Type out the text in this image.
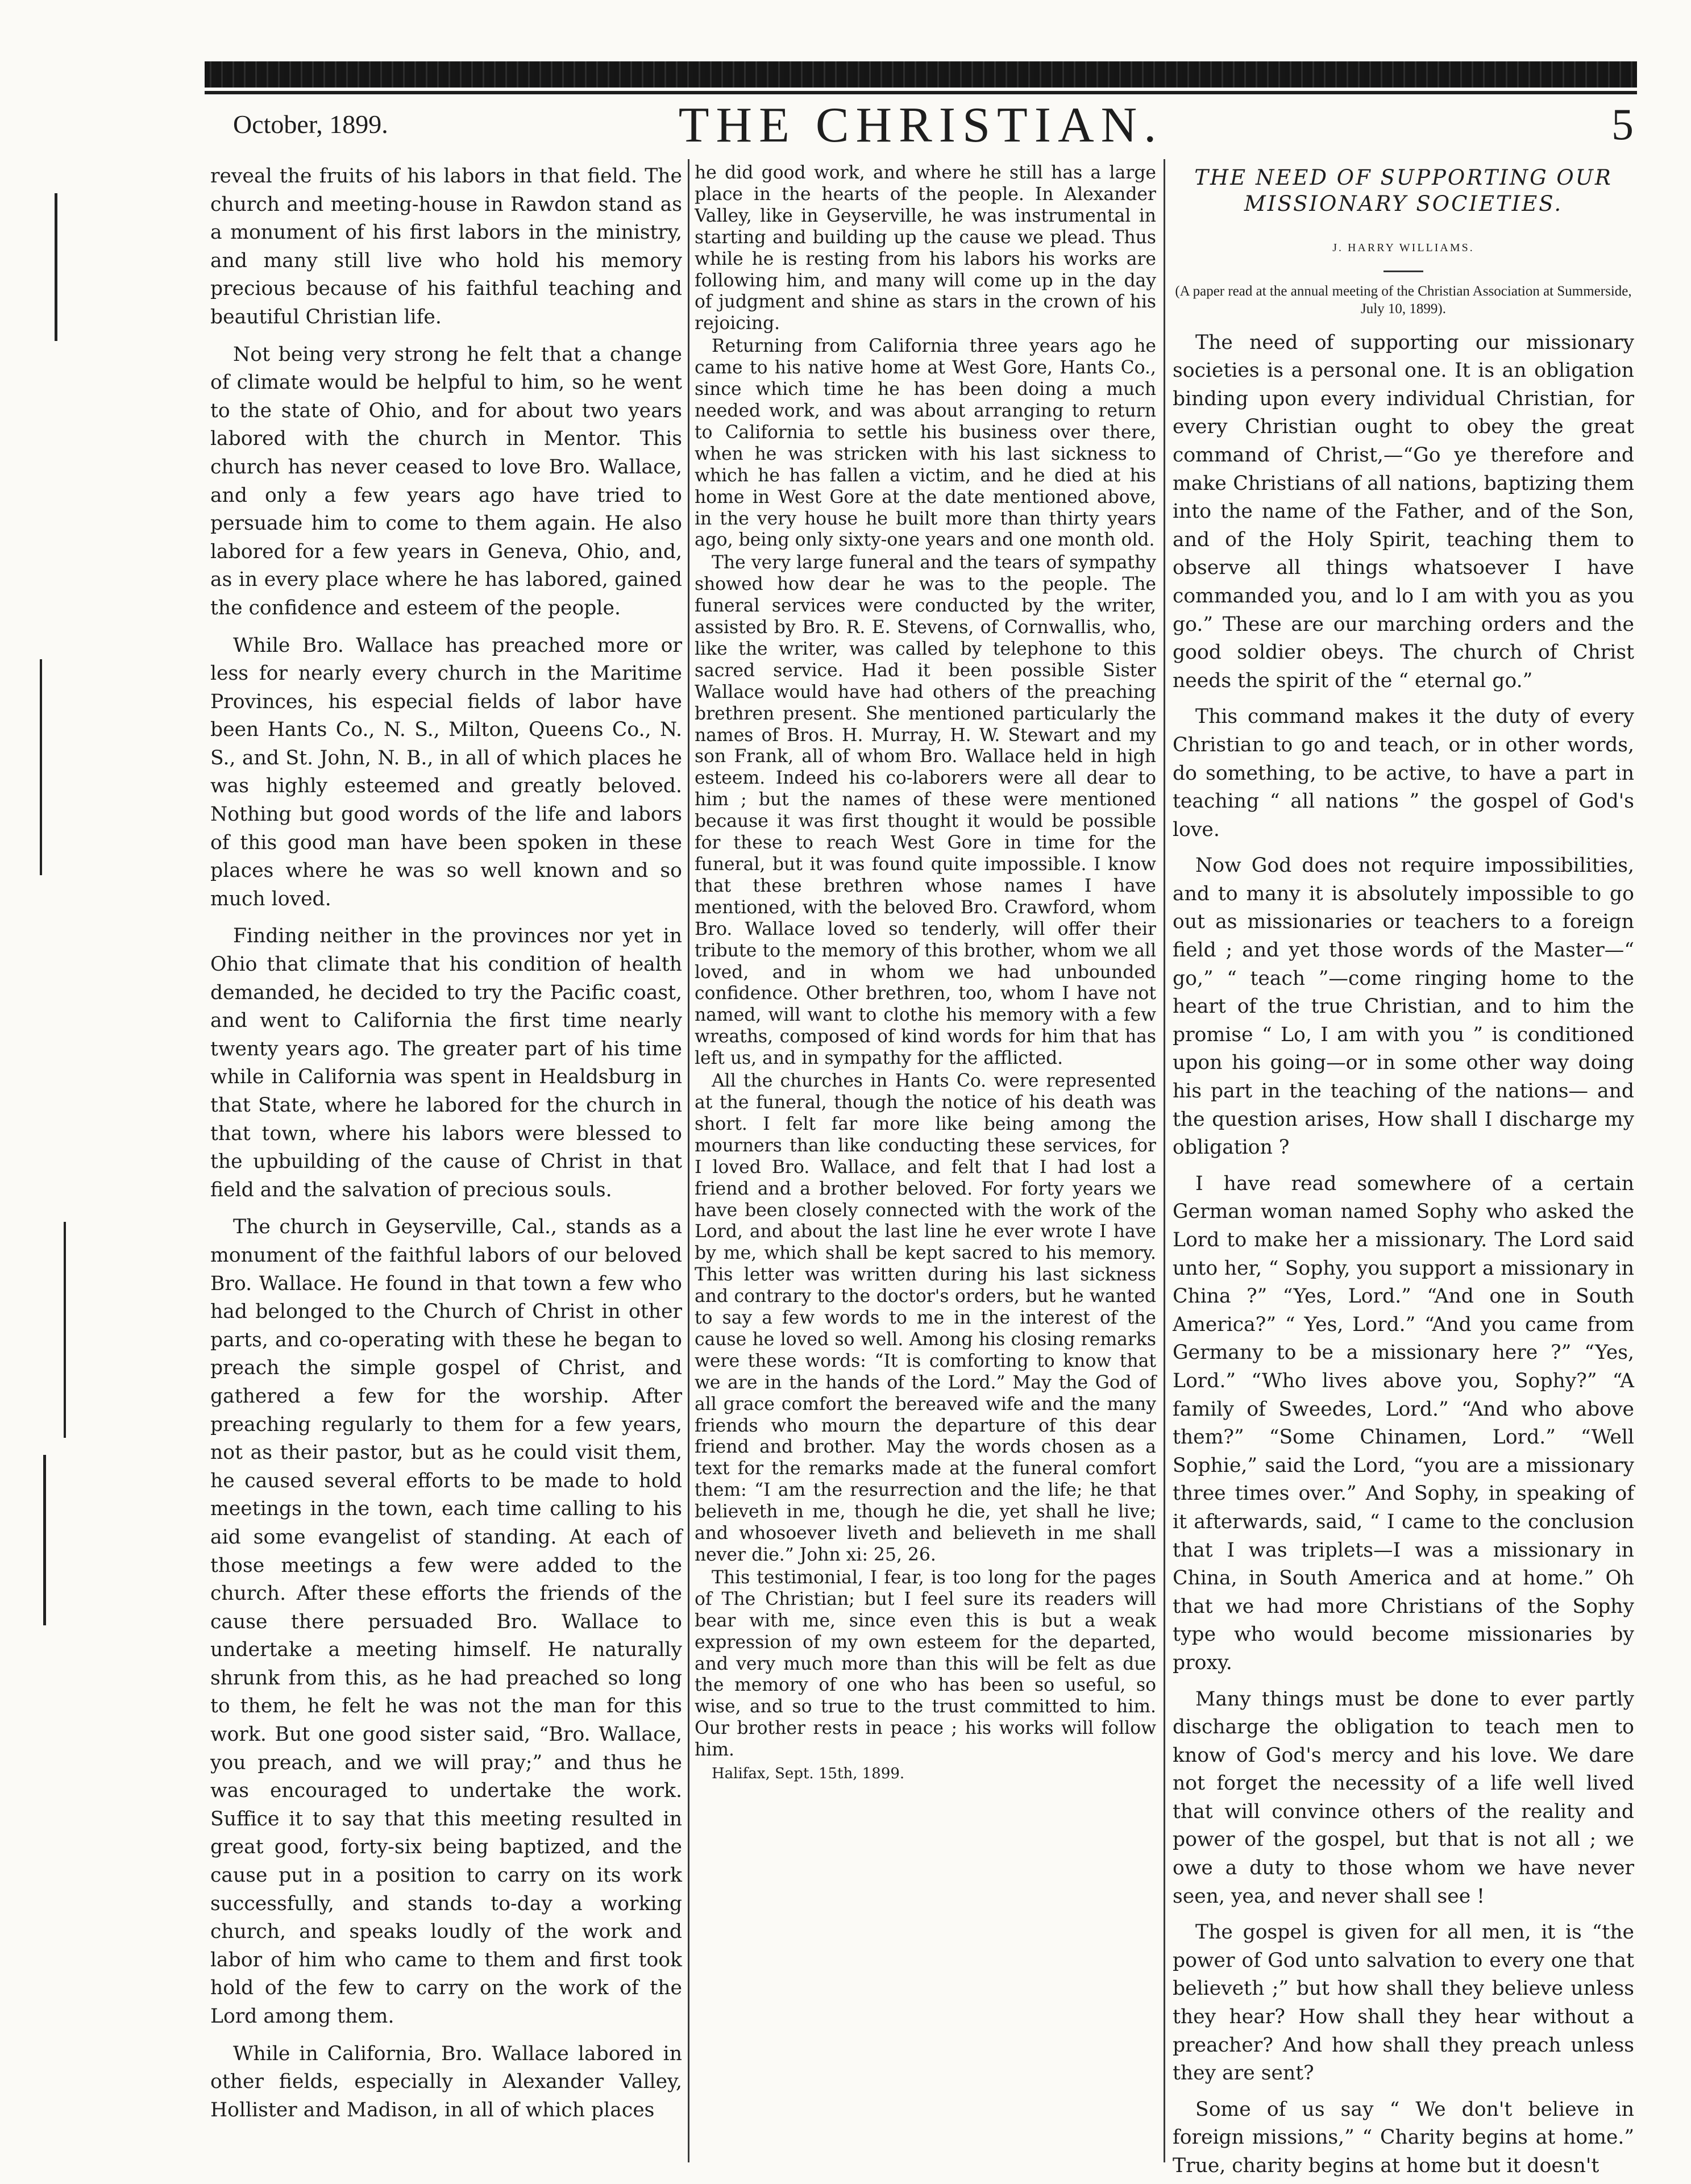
October, 1899.	THE CHRISTIAN.	5

reveal the fruits of his labors in that field. The church and meeting-house in Rawdon stand as a monument of his first labors in the ministry, and many still live who hold his memory precious because of his faithful teaching and beautiful Christian life.

Not being very strong he felt that a change of climate would be helpful to him, so he went to the state of Ohio, and for about two years labored with the church in Mentor. This church has never ceased to love Bro. Wallace, and only a few years ago have tried to persuade him to come to them again. He also labored for a few years in Geneva, Ohio, and, as in every place where he has labored, gained the confidence and esteem of the people.

While Bro. Wallace has preached more or less for nearly every church in the Maritime Provinces, his especial fields of labor have been Hants Co., N. S., Milton, Queens Co., N. S., and St. John, N. B., in all of which places he was highly esteemed and greatly beloved. Nothing but good words of the life and labors of this good man have been spoken in these places where he was so well known and so much loved.

Finding neither in the provinces nor yet in Ohio that climate that his condition of health demanded, he decided to try the Pacific coast, and went to California the first time nearly twenty years ago. The greater part of his time while in California was spent in Healdsburg in that State, where he labored for the church in that town, where his labors were blessed to the upbuilding of the cause of Christ in that field and the salvation of precious souls.

The church in Geyserville, Cal., stands as a monument of the faithful labors of our beloved Bro. Wallace. He found in that town a few who had belonged to the Church of Christ in other parts, and co-operating with these he began to preach the simple gospel of Christ, and gathered a few for the worship. After preaching regularly to them for a few years, not as their pastor, but as he could visit them, he caused several efforts to be made to hold meetings in the town, each time calling to his aid some evangelist of standing. At each of those meetings a few were added to the church. After these efforts the friends of the cause there persuaded Bro. Wallace to undertake a meeting himself. He naturally shrunk from this, as he had preached so long to them, he felt he was not the man for this work. But one good sister said, “Bro. Wallace, you preach, and we will pray;” and thus he was encouraged to undertake the work. Suffice it to say that this meeting resulted in great good, forty-six being baptized, and the cause put in a position to carry on its work successfully, and stands to-day a working church, and speaks loudly of the work and labor of him who came to them and first took hold of the few to carry on the work of the Lord among them.

While in California, Bro. Wallace labored in other fields, especially in Alexander Valley, Hollister and Madison, in all of which places

he did good work, and where he still has a large place in the hearts of the people. In Alexander Valley, like in Geyserville, he was instrumental in starting and building up the cause we plead. Thus while he is resting from his labors his works are following him, and many will come up in the day of judgment and shine as stars in the crown of his rejoicing.

Returning from California three years ago he came to his native home at West Gore, Hants Co., since which time he has been doing a much needed work, and was about arranging to return to California to settle his business over there, when he was stricken with his last sickness to which he has fallen a victim, and he died at his home in West Gore at the date mentioned above, in the very house he built more than thirty years ago, being only sixty-one years and one month old.

The very large funeral and the tears of sympathy showed how dear he was to the people. The funeral services were conducted by the writer, assisted by Bro. R. E. Stevens, of Cornwallis, who, like the writer, was called by telephone to this sacred service. Had it been possible Sister Wallace would have had others of the preaching brethren present. She mentioned particularly the names of Bros. H. Murray, H. W. Stewart and my son Frank, all of whom Bro. Wallace held in high esteem. Indeed his co-laborers were all dear to him ; but the names of these were mentioned because it was first thought it would be possible for these to reach West Gore in time for the funeral, but it was found quite impossible. I know that these brethren whose names I have mentioned, with the beloved Bro. Crawford, whom Bro. Wallace loved so tenderly, will offer their tribute to the memory of this brother, whom we all loved, and in whom we had unbounded confidence. Other brethren, too, whom I have not named, will want to clothe his memory with a few wreaths, composed of kind words for him that has left us, and in sympathy for the afflicted.

All the churches in Hants Co. were represented at the funeral, though the notice of his death was short. I felt far more like being among the mourners than like conducting these services, for I loved Bro. Wallace, and felt that I had lost a friend and a brother beloved. For forty years we have been closely connected with the work of the Lord, and about the last line he ever wrote I have by me, which shall be kept sacred to his memory. This letter was written during his last sickness and contrary to the doctor's orders, but he wanted to say a few words to me in the interest of the cause he loved so well. Among his closing remarks were these words: “It is comforting to know that we are in the hands of the Lord.” May the God of all grace comfort the bereaved wife and the many friends who mourn the departure of this dear friend and brother. May the words chosen as a text for the remarks made at the funeral comfort them: “I am the resurrection and the life; he that believeth in me, though he die, yet shall he live; and whosoever liveth and believeth in me shall never die.” John xi: 25, 26.

This testimonial, I fear, is too long for the pages of The Christian; but I feel sure its readers will bear with me, since even this is but a weak expression of my own esteem for the departed, and very much more than this will be felt as due the memory of one who has been so useful, so wise, and so true to the trust committed to him. Our brother rests in peace ; his works will follow him.

Halifax, Sept. 15th, 1899.

THE NEED OF SUPPORTING OUR MISSIONARY SOCIETIES.
J. HARRY WILLIAMS.
(A paper read at the annual meeting of the Christian Association at Summerside, July 10, 1899).

The need of supporting our missionary societies is a personal one. It is an obligation binding upon every individual Christian, for every Christian ought to obey the great command of Christ,—“Go ye therefore and make Christians of all nations, baptizing them into the name of the Father, and of the Son, and of the Holy Spirit, teaching them to observe all things whatsoever I have commanded you, and lo I am with you as you go.” These are our marching orders and the good soldier obeys. The church of Christ needs the spirit of the “ eternal go.”

This command makes it the duty of every Christian to go and teach, or in other words, do something, to be active, to have a part in teaching “ all nations ” the gospel of God's love.

Now God does not require impossibilities, and to many it is absolutely impossible to go out as missionaries or teachers to a foreign field ; and yet those words of the Master—“ go,” “ teach ”—come ringing home to the heart of the true Christian, and to him the promise “ Lo, I am with you ” is conditioned upon his going—or in some other way doing his part in the teaching of the nations— and the question arises, How shall I discharge my obligation ?

I have read somewhere of a certain German woman named Sophy who asked the Lord to make her a missionary. The Lord said unto her, “ Sophy, you support a missionary in China ?” “Yes, Lord.” “And one in South America?” “ Yes, Lord.” “And you came from Germany to be a missionary here ?” “Yes, Lord.” “Who lives above you, Sophy?” “A family of Sweedes, Lord.” “And who above them?” “Some Chinamen, Lord.” “Well Sophie,” said the Lord, “you are a missionary three times over.” And Sophy, in speaking of it afterwards, said, “ I came to the conclusion that I was triplets—I was a missionary in China, in South America and at home.” Oh that we had more Christians of the Sophy type who would become missionaries by proxy.

Many things must be done to ever partly discharge the obligation to teach men to know of God's mercy and his love. We dare not forget the necessity of a life well lived that will convince others of the reality and power of the gospel, but that is not all ; we owe a duty to those whom we have never seen, yea, and never shall see !

The gospel is given for all men, it is “the power of God unto salvation to every one that believeth ;” but how shall they believe unless they hear? How shall they hear without a preacher? And how shall they preach unless they are sent?

Some of us say “ We don't believe in foreign missions,” “ Charity begins at home.” True, charity begins at home but it doesn't
